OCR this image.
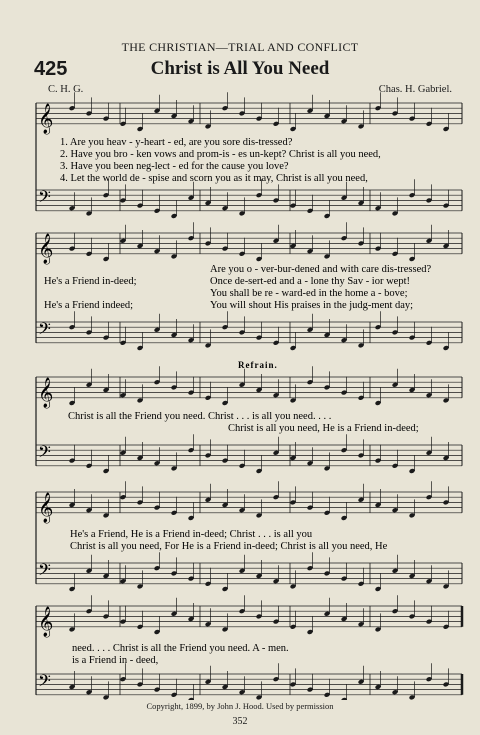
THE CHRISTIAN—TRIAL AND CONFLICT
425	Christ is All You Need
C. H. G.	Chas. H. Gabriel.
𝄞
𝄢
𝄞
𝄢
𝄞
𝄢
𝄞
𝄢
𝄞
𝄢
1. Are you heav - y-heart - ed, are you sore dis-tressed?
2. Have you bro - ken vows and prom-is - es un-kept? Christ is all you need,
3. Have you been neg-lect - ed for the cause you love?
4. Let the world de - spise and scorn you as it may, Christ is all you need,
Are you o - ver-bur-dened and with care dis-tressed?
Once de-sert-ed and a - lone thy Sav - ior wept!
You shall be re - ward-ed in the home a - bove;
He's a Friend in-deed;
He's a Friend indeed;	You will shout His praises in the judg-ment day;
Refrain.
Christ is all the Friend you need. Christ . . . is all you need. . . .
Christ is all you need, He is a Friend in-deed;
He's a Friend, He is a Friend in-deed; Christ . . . is all you
Christ is all you need, For He is a Friend in-deed; Christ is all you need, He
need. . . . Christ is all the Friend you need. A - men.
is a Friend in - deed,
Copyright, 1899, by John J. Hood. Used by permission
352
